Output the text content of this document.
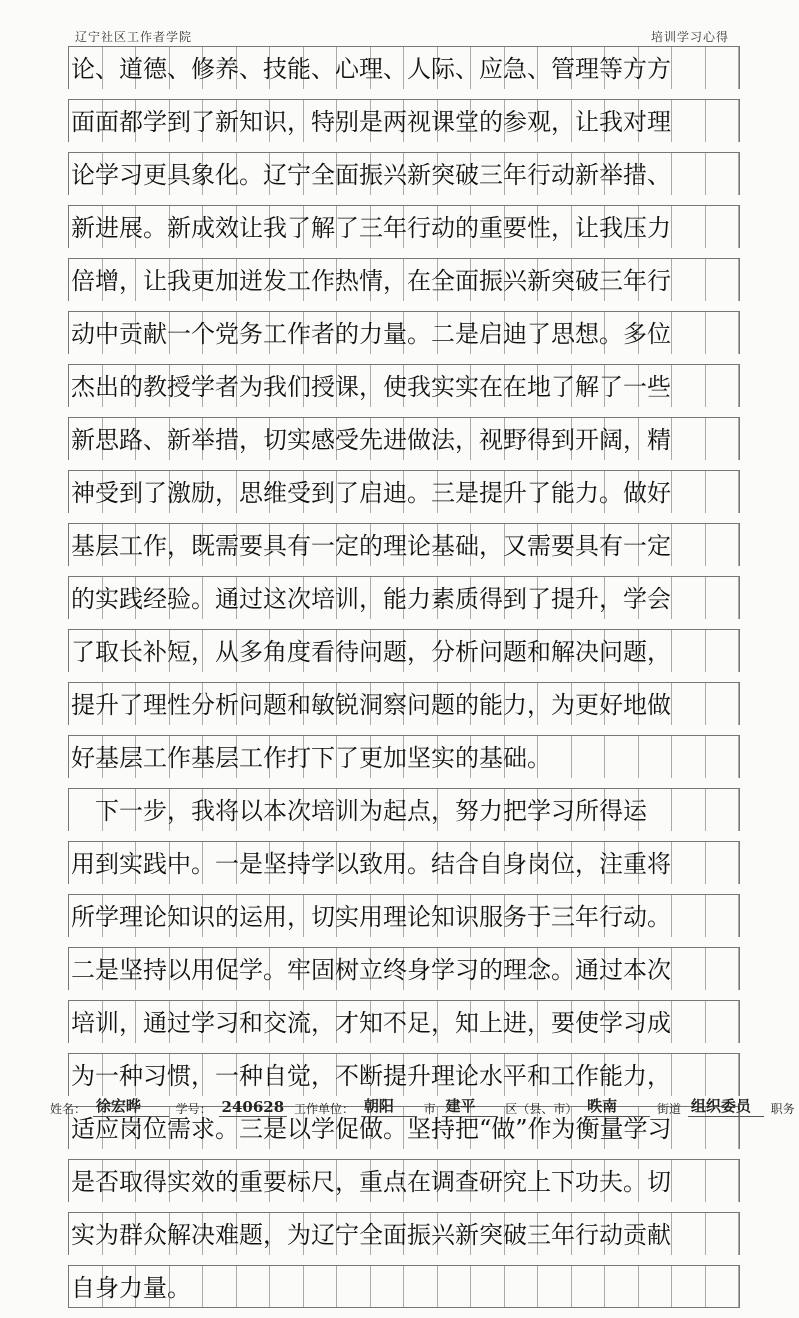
辽宁社区工作者学院	培训学习心得
论、道德、修养、技能、心理、人际、应急、管理等方方
面面都学到了新知识，特别是两视课堂的参观，让我对理
论学习更具象化。辽宁全面振兴新突破三年行动新举措、
新进展。新成效让我了解了三年行动的重要性，让我压力
倍增，让我更加迸发工作热情，在全面振兴新突破三年行
动中贡献一个党务工作者的力量。二是启迪了思想。多位
杰出的教授学者为我们授课，使我实实在在地了解了一些
新思路、新举措，切实感受先进做法，视野得到开阔，精
神受到了激励，思维受到了启迪。三是提升了能力。做好
基层工作，既需要具有一定的理论基础，又需要具有一定
的实践经验。通过这次培训，能力素质得到了提升，学会
了取长补短，从多角度看待问题，分析问题和解决问题，
提升了理性分析问题和敏锐洞察问题的能力，为更好地做
好基层工作基层工作打下了更加坚实的基础。
　下一步，我将以本次培训为起点，努力把学习所得运
用到实践中。一是坚持学以致用。结合自身岗位，注重将
所学理论知识的运用，切实用理论知识服务于三年行动。
二是坚持以用促学。牢固树立终身学习的理念。通过本次
培训，通过学习和交流，才知不足，知上进，要使学习成
为一种习惯，一种自觉，不断提升理论水平和工作能力，
适应岗位需求。三是以学促做。坚持把“做”作为衡量学习
是否取得实效的重要标尺，重点在调查研究上下功夫。切
实为群众解决难题，为辽宁全面振兴新突破三年行动贡献
自身力量。
姓名： 徐宏晔	学号： 240628 工作单位： 朝阳 市 建平 区（县、市） 昳南	街道 组织委员 职务
